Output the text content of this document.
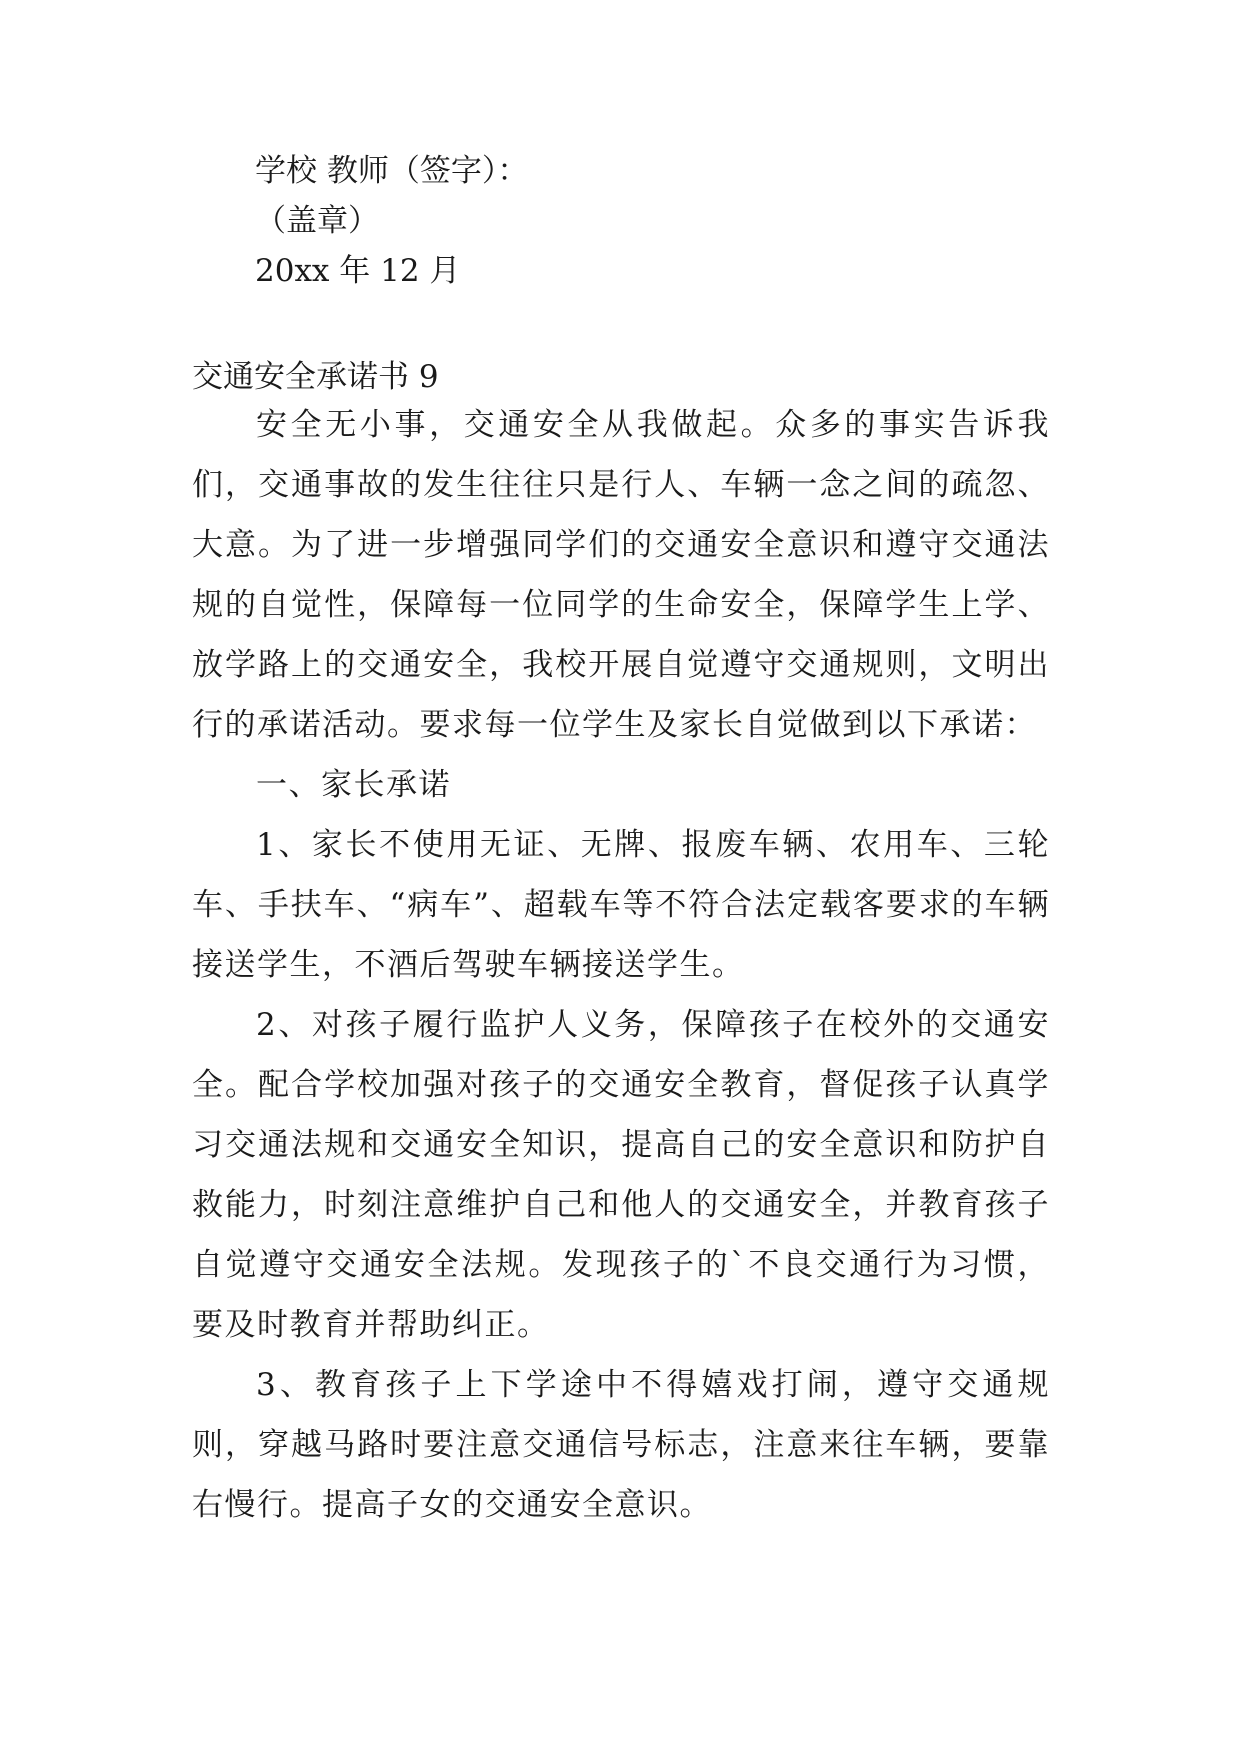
学校 教师（签字）：
（盖章）
20xx 年 12 月
交通安全承诺书 9

安全无小事，交通安全从我做起。众多的事实告诉我们，交通事故的发生往往只是行人、车辆一念之间的疏忽、大意。为了进一步增强同学们的交通安全意识和遵守交通法规的自觉性，保障每一位同学的生命安全，保障学生上学、放学路上的交通安全，我校开展自觉遵守交通规则，文明出行的承诺活动。要求每一位学生及家长自觉做到以下承诺：

一、家长承诺

1、家长不使用无证、无牌、报废车辆、农用车、三轮车、手扶车、“病车”、超载车等不符合法定载客要求的车辆接送学生，不酒后驾驶车辆接送学生。

2、对孩子履行监护人义务，保障孩子在校外的交通安全。配合学校加强对孩子的交通安全教育，督促孩子认真学习交通法规和交通安全知识，提高自己的安全意识和防护自救能力，时刻注意维护自己和他人的交通安全，并教育孩子自觉遵守交通安全法规。发现孩子的`不良交通行为习惯，要及时教育并帮助纠正。

3、教育孩子上下学途中不得嬉戏打闹，遵守交通规则，穿越马路时要注意交通信号标志，注意来往车辆，要靠右慢行。提高子女的交通安全意识。
